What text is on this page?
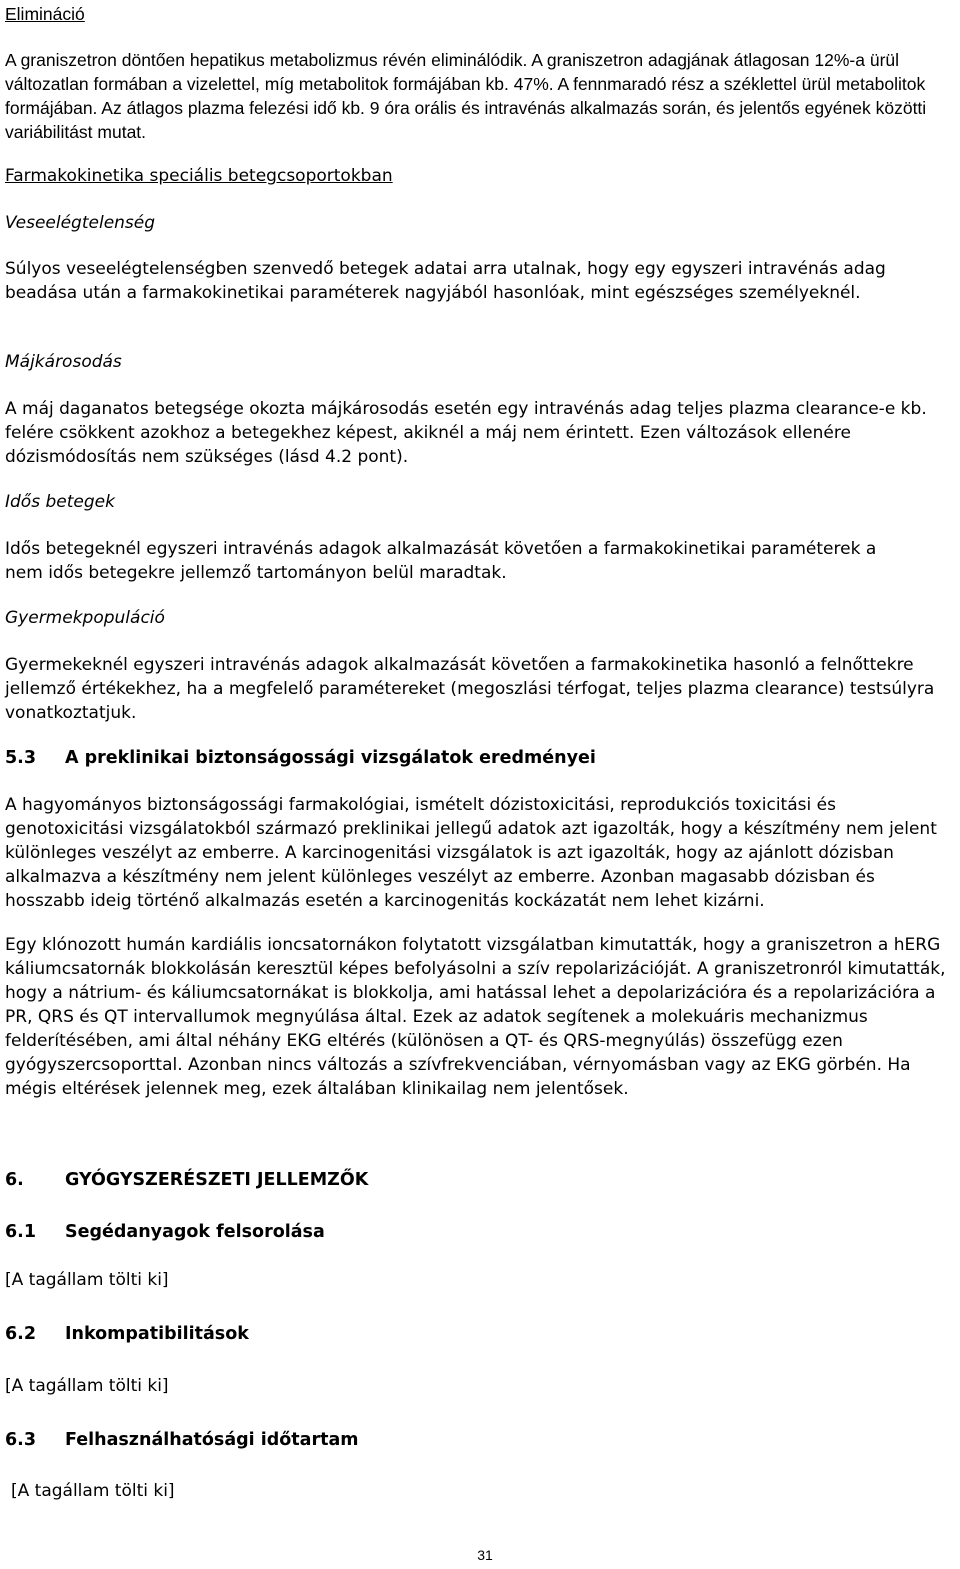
Elimináció

A graniszetron döntően hepatikus metabolizmus révén eliminálódik. A graniszetron adagjának átlagosan 12%-a ürül változatlan formában a vizelettel, míg metabolitok formájában kb. 47%. A fennmaradó rész a széklettel ürül metabolitok formájában. Az átlagos plazma felezési idő kb. 9 óra orális és intravénás alkalmazás során, és jelentős egyének közötti variábilitást mutat.

Farmakokinetika speciális betegcsoportokban

Veseelégtelenség

Súlyos veseelégtelenségben szenvedő betegek adatai arra utalnak, hogy egy egyszeri intravénás adag beadása után a farmakokinetikai paraméterek nagyjából hasonlóak, mint egészséges személyeknél.

Májkárosodás

A máj daganatos betegsége okozta májkárosodás esetén egy intravénás adag teljes plazma clearance-e kb. felére csökkent azokhoz a betegekhez képest, akiknél a máj nem érintett. Ezen változások ellenére dózismódosítás nem szükséges (lásd 4.2 pont).

Idős betegek

Idős betegeknél egyszeri intravénás adagok alkalmazását követően a farmakokinetikai paraméterek a nem idős betegekre jellemző tartományon belül maradtak.

Gyermekpopuláció

Gyermekeknél egyszeri intravénás adagok alkalmazását követően a farmakokinetika hasonló a felnőttekre jellemző értékekhez, ha a megfelelő paramétereket (megoszlási térfogat, teljes plazma clearance) testsúlyra vonatkoztatjuk.

5.3	A preklinikai biztonságossági vizsgálatok eredményei

A hagyományos biztonságossági farmakológiai, ismételt dózistoxicitási, reprodukciós toxicitási és genotoxicitási vizsgálatokból származó preklinikai jellegű adatok azt igazolták, hogy a készítmény nem jelent különleges veszélyt az emberre. A karcinogenitási vizsgálatok is azt igazolták, hogy az ajánlott dózisban alkalmazva a készítmény nem jelent különleges veszélyt az emberre. Azonban magasabb dózisban és hosszabb ideig történő alkalmazás esetén a karcinogenitás kockázatát nem lehet kizárni.

Egy klónozott humán kardiális ioncsatornákon folytatott vizsgálatban kimutatták, hogy a graniszetron a hERG káliumcsatornák blokkolásán keresztül képes befolyásolni a szív repolarizációját. A graniszetronról kimutatták, hogy a nátrium- és káliumcsatornákat is blokkolja, ami hatással lehet a depolarizációra és a repolarizációra a PR, QRS és QT intervallumok megnyúlása által. Ezek az adatok segítenek a molekuáris mechanizmus felderítésében, ami által néhány EKG eltérés (különösen a QT- és QRS-megnyúlás) összefügg ezen gyógyszercsoporttal. Azonban nincs változás a szívfrekvenciában, vérnyomásban vagy az EKG görbén. Ha mégis eltérések jelennek meg, ezek általában klinikailag nem jelentősek.

6.	GYÓGYSZERÉSZETI JELLEMZŐK
6.1	Segédanyagok felsorolása

[A tagállam tölti ki]

6.2	Inkompatibilitások

[A tagállam tölti ki]

6.3	Felhasználhatósági időtartam

[A tagállam tölti ki]

31
